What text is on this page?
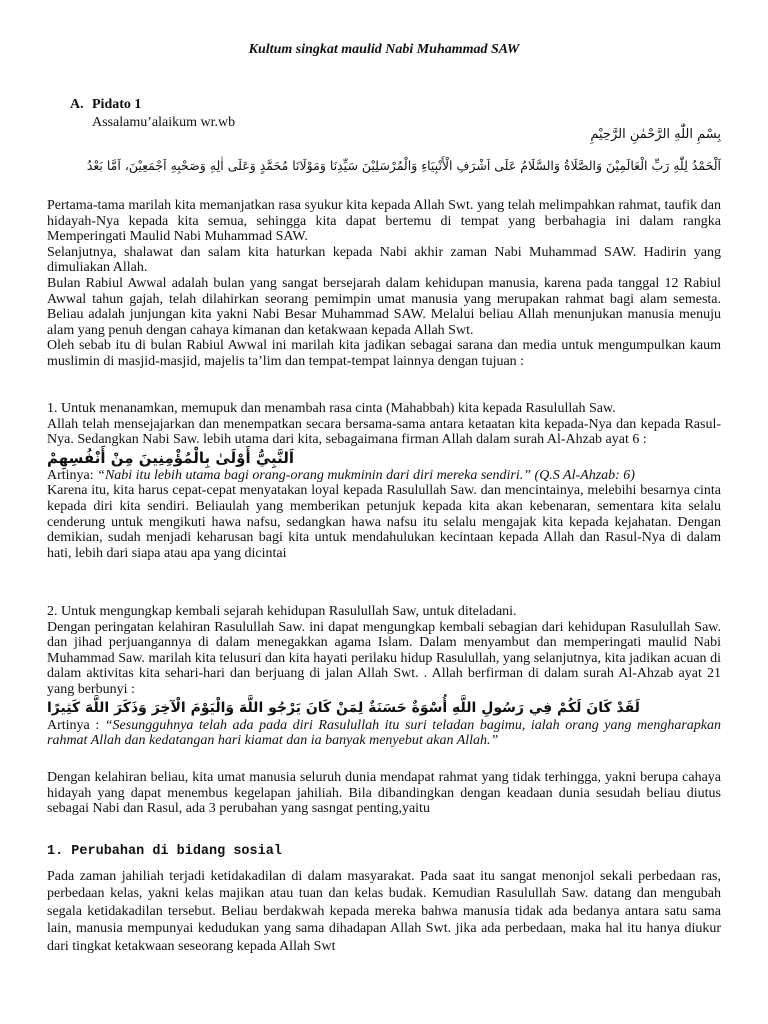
Kultum singkat maulid Nabi Muhammad SAW
A. Pidato 1
Assalamu’alaikum wr.wb
بِسْمِ اللّٰهِ الرَّحْمٰنِ الرَّحِيْمِ
اَلْحَمْدُ لِلّٰهِ رَبِّ الْعَالَمِيْنَ وَالصَّلَاةُ وَالسَّلَامُ عَلَى اَشْرَفِ الْأَنْبِيَاءِ وَالْمُرْسَلِيْنَ سَيِّدِنَا وَمَوْلَانَا مُحَمَّدٍ وَعَلَى اٰلِهِ وَصَحْبِهِ اَجْمَعِيْنَ، اَمَّا بَعْدُ

Pertama-tama marilah kita memanjatkan rasa syukur kita kepada Allah Swt. yang telah melimpahkan rahmat, taufik dan hidayah-Nya kepada kita semua, sehingga kita dapat bertemu di tempat yang berbahagia ini dalam rangka Memperingati Maulid Nabi Muhammad SAW.

Selanjutnya, shalawat dan salam kita haturkan kepada Nabi akhir zaman Nabi Muhammad SAW. Hadirin yang dimuliakan Allah.

Bulan Rabiul Awwal adalah bulan yang sangat bersejarah dalam kehidupan manusia, karena pada tanggal 12 Rabiul Awwal tahun gajah, telah dilahirkan seorang pemimpin umat manusia yang merupakan rahmat bagi alam semesta. Beliau adalah junjungan kita yakni Nabi Besar Muhammad SAW. Melalui beliau Allah menunjukan manusia menuju alam yang penuh dengan cahaya kimanan dan ketakwaan kepada Allah Swt.

Oleh sebab itu di bulan Rabiul Awwal ini marilah kita jadikan sebagai sarana dan media untuk mengumpulkan kaum muslimin di masjid-masjid, majelis ta’lim dan tempat-tempat lainnya dengan tujuan :

1. Untuk menanamkan, memupuk dan menambah rasa cinta (Mahabbah) kita kepada Rasulullah Saw.

Allah telah mensejajarkan dan menempatkan secara bersama-sama antara ketaatan kita kepada-Nya dan kepada Rasul-Nya. Sedangkan Nabi Saw. lebih utama dari kita, sebagaimana firman Allah dalam surah Al-Ahzab ayat 6 :

اَلنَّبِيُّ أَوْلَىٰ بِالْمُؤْمِنِينَ مِنْ أَنْفُسِهِمْ

Artinya: “Nabi itu lebih utama bagi orang-orang mukminin dari diri mereka sendiri.” (Q.S Al-Ahzab: 6)

Karena itu, kita harus cepat-cepat menyatakan loyal kepada Rasulullah Saw. dan mencintainya, melebihi besarnya cinta kepada diri kita sendiri. Beliaulah yang memberikan petunjuk kepada kita akan kebenaran, sementara kita selalu cenderung untuk mengikuti hawa nafsu, sedangkan hawa nafsu itu selalu mengajak kita kepada kejahatan. Dengan demikian, sudah menjadi keharusan bagi kita untuk mendahulukan kecintaan kepada Allah dan Rasul-Nya di dalam hati, lebih dari siapa atau apa yang dicintai

2. Untuk mengungkap kembali sejarah kehidupan Rasulullah Saw, untuk diteladani.

Dengan peringatan kelahiran Rasulullah Saw. ini dapat mengungkap kembali sebagian dari kehidupan Rasulullah Saw. dan jihad perjuangannya di dalam menegakkan agama Islam. Dalam menyambut dan memperingati maulid Nabi Muhammad Saw. marilah kita telusuri dan kita hayati perilaku hidup Rasulullah, yang selanjutnya, kita jadikan acuan di dalam aktivitas kita sehari-hari dan berjuang di jalan Allah Swt. . Allah berfirman di dalam surah Al-Ahzab ayat 21 yang berbunyi :

لَقَدْ كَانَ لَكُمْ فِي رَسُولِ اللَّهِ أُسْوَةٌ حَسَنَةٌ لِمَنْ كَانَ يَرْجُو اللَّهَ وَالْيَوْمَ الْآخِرَ وَذَكَرَ اللَّهَ كَثِيرًا

Artinya : “Sesungguhnya telah ada pada diri Rasulullah itu suri teladan bagimu, ialah orang yang mengharapkan rahmat Allah dan kedatangan hari kiamat dan ia banyak menyebut akan Allah.”

Dengan kelahiran beliau, kita umat manusia seluruh dunia mendapat rahmat yang tidak terhingga, yakni berupa cahaya hidayah yang dapat menembus kegelapan jahiliah. Bila dibandingkan dengan keadaan dunia sesudah beliau diutus sebagai Nabi dan Rasul, ada 3 perubahan yang sasngat penting,yaitu

1. Perubahan di bidang sosial

Pada zaman jahiliah terjadi ketidakadilan di dalam masyarakat. Pada saat itu sangat menonjol sekali perbedaan ras, perbedaan kelas, yakni kelas majikan atau tuan dan kelas budak. Kemudian Rasulullah Saw. datang dan mengubah segala ketidakadilan tersebut. Beliau berdakwah kepada mereka bahwa manusia tidak ada bedanya antara satu sama lain, manusia mempunyai kedudukan yang sama dihadapan Allah Swt. jika ada perbedaan, maka hal itu hanya diukur dari tingkat ketakwaan seseorang kepada Allah Swt
